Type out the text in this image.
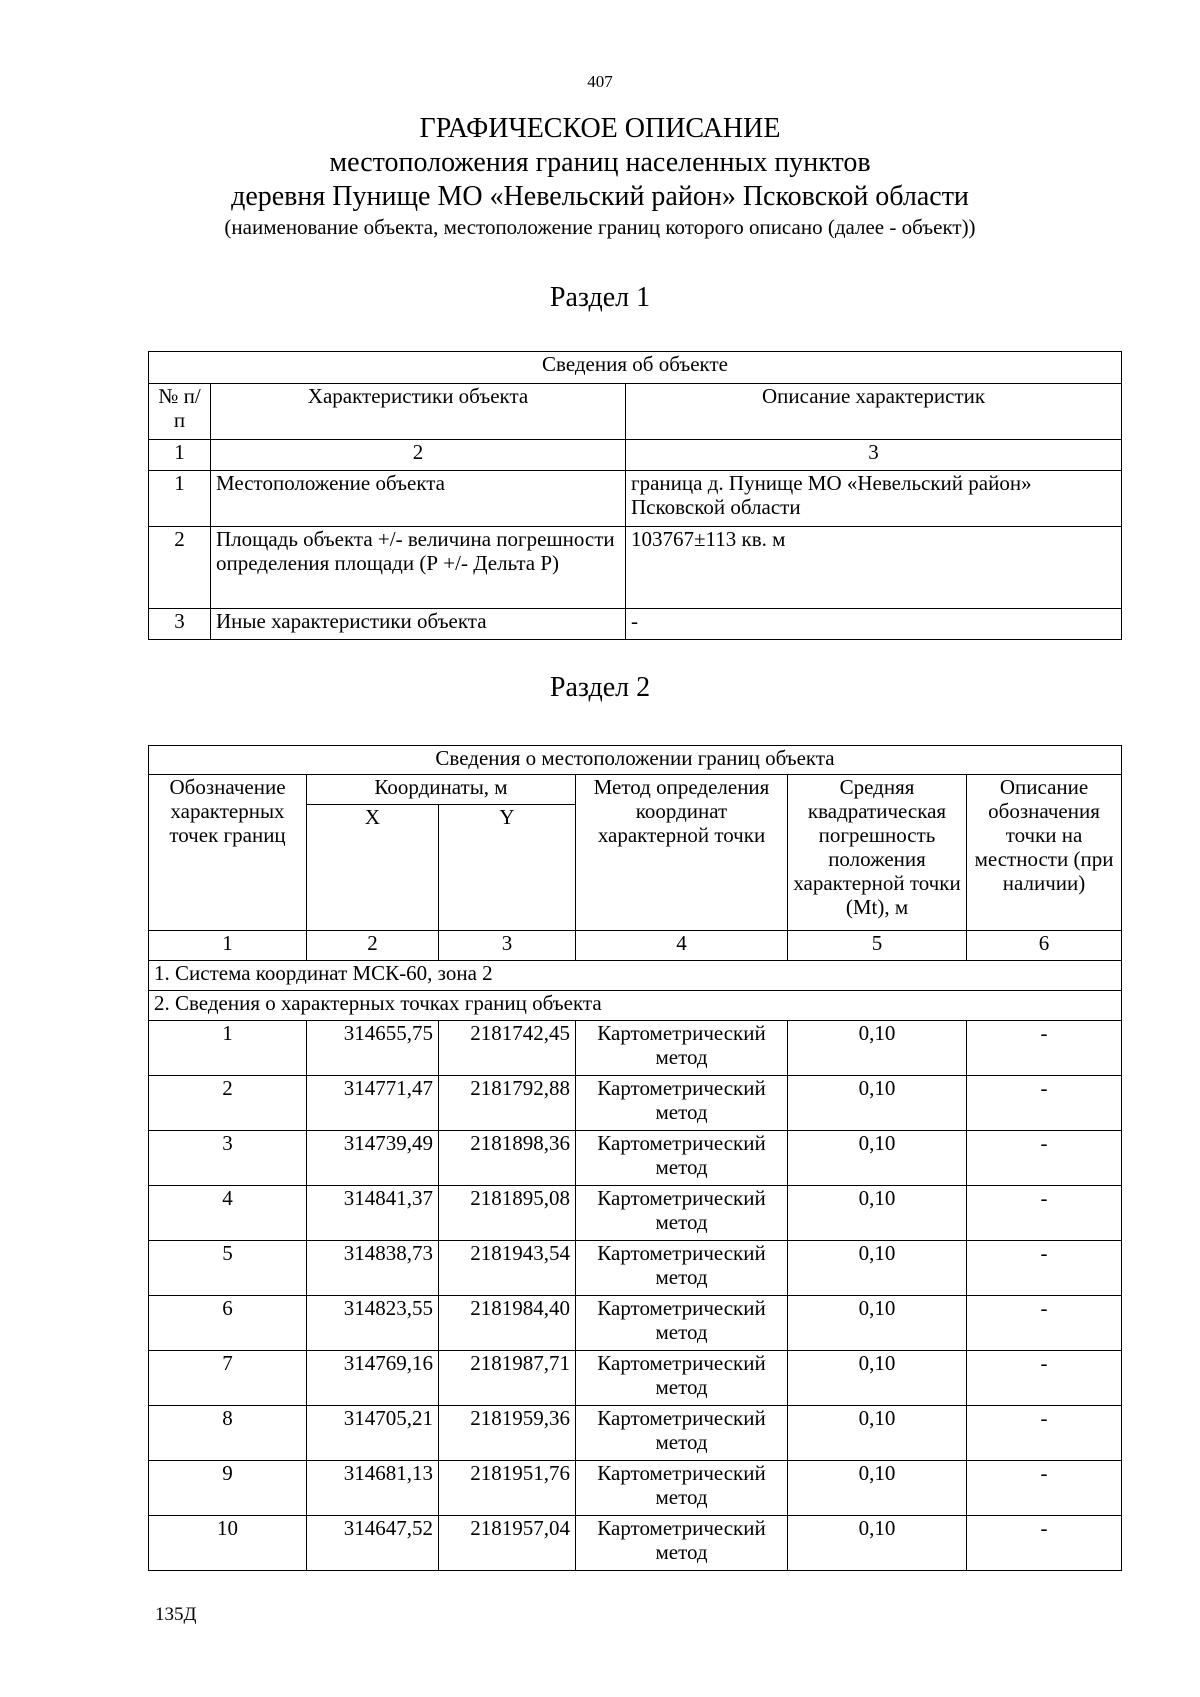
407
ГРАФИЧЕСКОЕ ОПИСАНИЕ
местоположения границ населенных пунктов
деревня Пунище МО «Невельский район» Псковской области
(наименование объекта, местоположение границ которого описано (далее - объект))
Раздел 1
Сведения об объекте		
№ п/п	Характеристики объекта	Описание характеристик
1	2	3
1	Местоположение объекта	граница д. Пунище МО «Невельский район» Псковской области
2	Площадь объекта +/- величина погрешности определения площади (Р +/- Дельта Р)	103767±113 кв. м
3	Иные характеристики объекта	-
Раздел 2
Сведения о местоположении границ объекта					
Обозначение характерных точек границ	Координаты, м		Метод определения координат характерной точки	Средняя квадратическая погрешность положения характерной точки (Mt), м	Описание обозначения точки на местности (при наличии)
	X	Y			
1	2	3	4	5	6
1. Система координат МСК-60, зона 2					
2. Сведения о характерных точках границ объекта					
1	314655,75	2181742,45	Картометрический метод	0,10	-
2	314771,47	2181792,88	Картометрический метод	0,10	-
3	314739,49	2181898,36	Картометрический метод	0,10	-
4	314841,37	2181895,08	Картометрический метод	0,10	-
5	314838,73	2181943,54	Картометрический метод	0,10	-
6	314823,55	2181984,40	Картометрический метод	0,10	-
7	314769,16	2181987,71	Картометрический метод	0,10	-
8	314705,21	2181959,36	Картометрический метод	0,10	-
9	314681,13	2181951,76	Картометрический метод	0,10	-
10	314647,52	2181957,04	Картометрический метод	0,10	-
135Д
